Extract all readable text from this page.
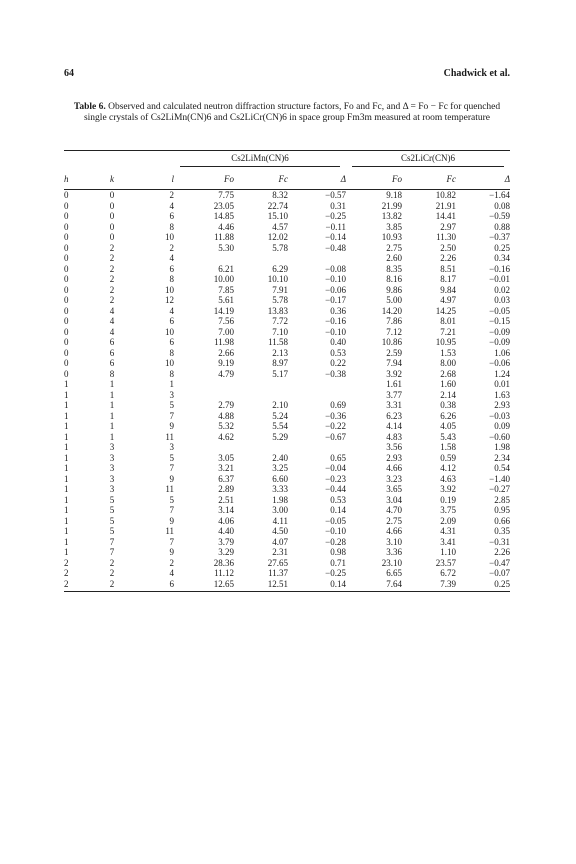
64	Chadwick et al.
Table 6. Observed and calculated neutron diffraction structure factors, Fo and Fc, and Δ = Fo − Fc for quenched single crystals of Cs2LiMn(CN)6 and Cs2LiCr(CN)6 in space group Fm3m measured at room temperature
			Cs2LiMn(CN)6			Cs2LiCr(CN)6		
h	k	l	Fo	Fc	Δ	Fo	Fc	Δ
0	0	2	7.75	8.32	−0.57	9.18	10.82	−1.64
0	0	4	23.05	22.74	0.31	21.99	21.91	0.08
0	0	6	14.85	15.10	−0.25	13.82	14.41	−0.59
0	0	8	4.46	4.57	−0.11	3.85	2.97	0.88
0	0	10	11.88	12.02	−0.14	10.93	11.30	−0.37
0	2	2	5.30	5.78	−0.48	2.75	2.50	0.25
0	2	4				2.60	2.26	0.34
0	2	6	6.21	6.29	−0.08	8.35	8.51	−0.16
0	2	8	10.00	10.10	−0.10	8.16	8.17	−0.01
0	2	10	7.85	7.91	−0.06	9.86	9.84	0.02
0	2	12	5.61	5.78	−0.17	5.00	4.97	0.03
0	4	4	14.19	13.83	0.36	14.20	14.25	−0.05
0	4	6	7.56	7.72	−0.16	7.86	8.01	−0.15
0	4	10	7.00	7.10	−0.10	7.12	7.21	−0.09
0	6	6	11.98	11.58	0.40	10.86	10.95	−0.09
0	6	8	2.66	2.13	0.53	2.59	1.53	1.06
0	6	10	9.19	8.97	0.22	7.94	8.00	−0.06
0	8	8	4.79	5.17	−0.38	3.92	2.68	1.24
1	1	1				1.61	1.60	0.01
1	1	3				3.77	2.14	1.63
1	1	5	2.79	2.10	0.69	3.31	0.38	2.93
1	1	7	4.88	5.24	−0.36	6.23	6.26	−0.03
1	1	9	5.32	5.54	−0.22	4.14	4.05	0.09
1	1	11	4.62	5.29	−0.67	4.83	5.43	−0.60
1	3	3				3.56	1.58	1.98
1	3	5	3.05	2.40	0.65	2.93	0.59	2.34
1	3	7	3.21	3.25	−0.04	4.66	4.12	0.54
1	3	9	6.37	6.60	−0.23	3.23	4.63	−1.40
1	3	11	2.89	3.33	−0.44	3.65	3.92	−0.27
1	5	5	2.51	1.98	0.53	3.04	0.19	2.85
1	5	7	3.14	3.00	0.14	4.70	3.75	0.95
1	5	9	4.06	4.11	−0.05	2.75	2.09	0.66
1	5	11	4.40	4.50	−0.10	4.66	4.31	0.35
1	7	7	3.79	4.07	−0.28	3.10	3.41	−0.31
1	7	9	3.29	2.31	0.98	3.36	1.10	2.26
2	2	2	28.36	27.65	0.71	23.10	23.57	−0.47
2	2	4	11.12	11.37	−0.25	6.65	6.72	−0.07
2	2	6	12.65	12.51	0.14	7.64	7.39	0.25
